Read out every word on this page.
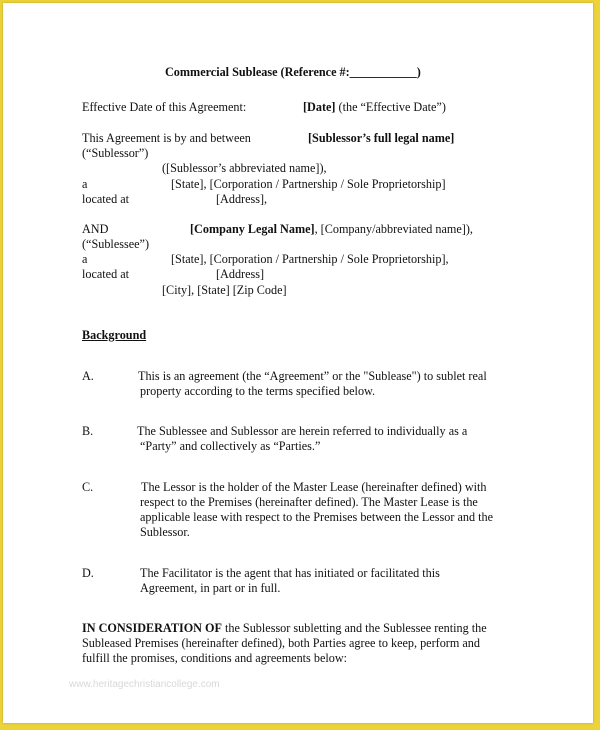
Commercial Sublease (Reference #:___________)
Effective Date of this Agreement:	[Date] (the “Effective Date”)
This Agreement is by and between	[Sublessor’s full legal name]
(“Sublessor”)
([Sublessor’s abbreviated name]),
a	[State], [Corporation / Partnership / Sole Proprietorship]
located at	[Address],
AND	[Company Legal Name], [Company/abbreviated name]),
(“Sublessee”)
a	[State], [Corporation / Partnership / Sole Proprietorship],
located at	[Address]
[City], [State] [Zip Code]
Background
A.	This is an agreement (the “Agreement” or the "Sublease") to sublet real
property according to the terms specified below.
B.	The Sublessee and Sublessor are herein referred to individually as a
“Party” and collectively as “Parties.”
C.	The Lessor is the holder of the Master Lease (hereinafter defined) with
respect to the Premises (hereinafter defined). The Master Lease is the
applicable lease with respect to the Premises between the Lessor and the
Sublessor.
D.	The Facilitator is the agent that has initiated or facilitated this
Agreement, in part or in full.
IN CONSIDERATION OF the Sublessor subletting and the Sublessee renting the
Subleased Premises (hereinafter defined), both Parties agree to keep, perform and
fulfill the promises, conditions and agreements below:
www.heritagechristiancollege.com
